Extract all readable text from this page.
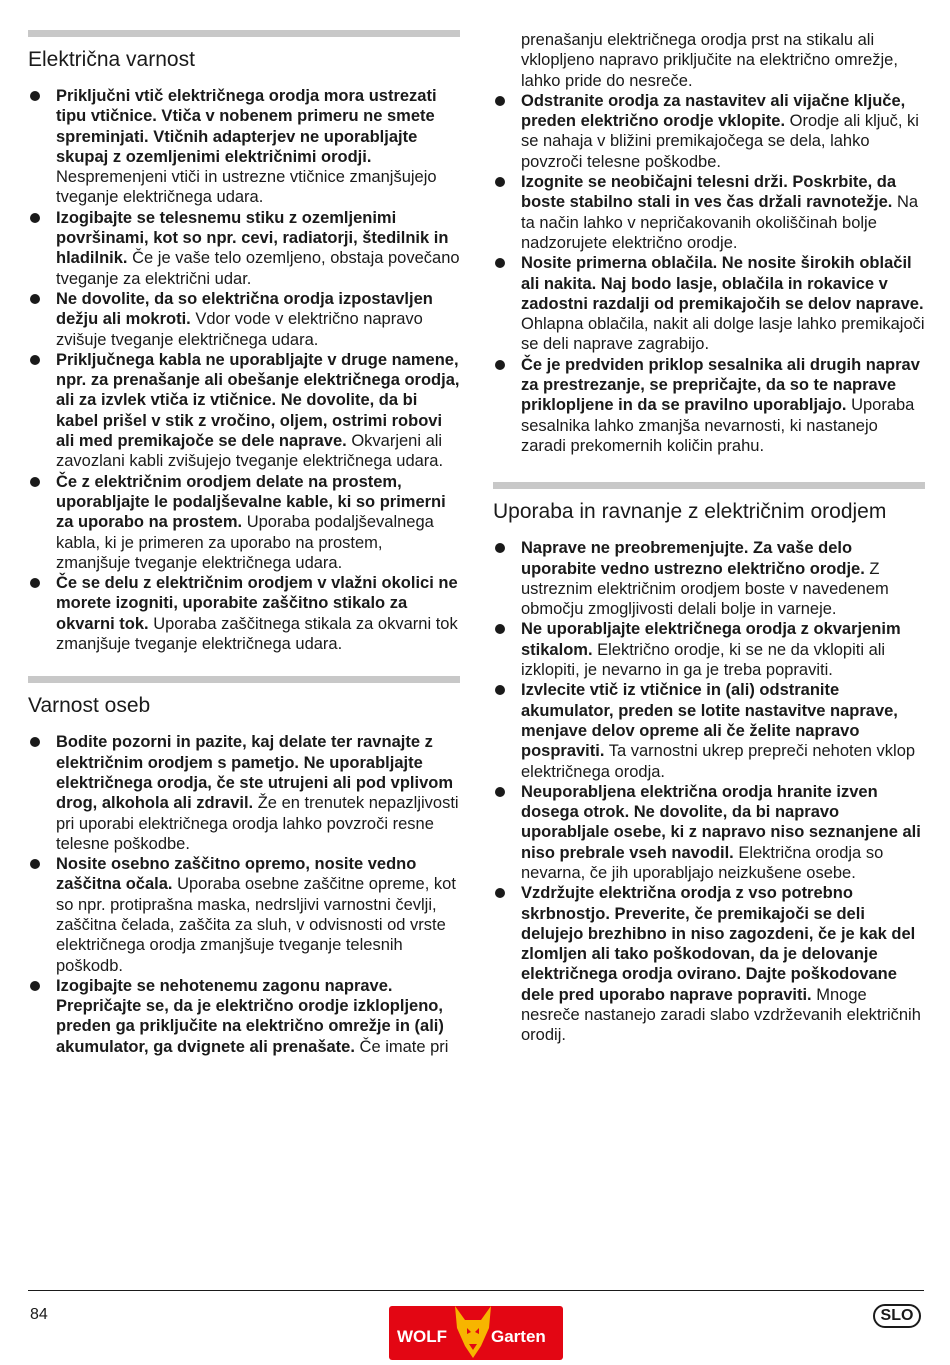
Električna varnost
Priključni vtič električnega orodja mora ustrezati tipu vtičnice. Vtiča v nobenem primeru ne smete spreminjati. Vtičnih adapterjev ne uporabljajte skupaj z ozemljenimi električnimi orodji. Nespremenjeni vtiči in ustrezne vtičnice zmanjšujejo tveganje električnega udara.
Izogibajte se telesnemu stiku z ozemljenimi površinami, kot so npr. cevi, radiatorji, štedilnik in hladilnik. Če je vaše telo ozemljeno, obstaja povečano tveganje za električni udar.
Ne dovolite, da so električna orodja izpostavljen dežju ali mokroti. Vdor vode v električno napravo zvišuje tveganje električnega udara.
Priključnega kabla ne uporabljajte v druge namene, npr. za prenašanje ali obešanje električnega orodja, ali za izvlek vtiča iz vtičnice. Ne dovolite, da bi kabel prišel v stik z vročino, oljem, ostrimi robovi ali med premikajoče se dele naprave. Okvarjeni ali zavozlani kabli zvišujejo tveganje električnega udara.
Če z električnim orodjem delate na prostem, uporabljajte le podaljševalne kable, ki so primerni za uporabo na prostem. Uporaba podaljševalnega kabla, ki je primeren za uporabo na prostem, zmanjšuje tveganje električnega udara.
Če se delu z električnim orodjem v vlažni okolici ne morete izogniti, uporabite zaščitno stikalo za okvarni tok. Uporaba zaščitnega stikala za okvarni tok zmanjšuje tveganje električnega udara.
Varnost oseb
Bodite pozorni in pazite, kaj delate ter ravnajte z električnim orodjem s pametjo. Ne uporabljajte električnega orodja, če ste utrujeni ali pod vplivom drog, alkohola ali zdravil. Že en trenutek nepazljivosti pri uporabi električnega orodja lahko povzroči resne telesne poškodbe.
Nosite osebno zaščitno opremo, nosite vedno zaščitna očala. Uporaba osebne zaščitne opreme, kot so npr. protiprašna maska, nedrsljivi varnostni čevlji, zaščitna čelada, zaščita za sluh, v odvisnosti od vrste električnega orodja zmanjšuje tveganje telesnih poškodb.
Izogibajte se nehotenemu zagonu naprave. Prepričajte se, da je električno orodje izklopljeno, preden ga priključite na električno omrežje in (ali) akumulator, ga dvignete ali prenašate. Če imate pri

prenašanju električnega orodja prst na stikalu ali vklopljeno napravo priključite na električno omrežje, lahko pride do nesreče.

Odstranite orodja za nastavitev ali vijačne ključe, preden električno orodje vklopite. Orodje ali ključ, ki se nahaja v bližini premikajočega se dela, lahko povzroči telesne poškodbe.
Izognite se neobičajni telesni drži. Poskrbite, da boste stabilno stali in ves čas držali ravnotežje. Na ta način lahko v nepričakovanih okoliščinah bolje nadzorujete električno orodje.
Nosite primerna oblačila. Ne nosite širokih oblačil ali nakita. Naj bodo lasje, oblačila in rokavice v zadostni razdalji od premikajočih se delov naprave. Ohlapna oblačila, nakit ali dolge lasje lahko premikajoči se deli naprave zagrabijo.
Če je predviden priklop sesalnika ali drugih naprav za prestrezanje, se prepričajte, da so te naprave priklopljene in da se pravilno uporabljajo. Uporaba sesalnika lahko zmanjša nevarnosti, ki nastanejo zaradi prekomernih količin prahu.
Uporaba in ravnanje z električnim orodjem
Naprave ne preobremenjujte. Za vaše delo uporabite vedno ustrezno električno orodje. Z ustreznim električnim orodjem boste v navedenem območju zmogljivosti delali bolje in varneje.
Ne uporabljajte električnega orodja z okvarjenim stikalom. Električno orodje, ki se ne da vklopiti ali izklopiti, je nevarno in ga je treba popraviti.
Izvlecite vtič iz vtičnice in (ali) odstranite akumulator, preden se lotite nastavitve naprave, menjave delov opreme ali če želite napravo pospraviti. Ta varnostni ukrep prepreči nehoten vklop električnega orodja.
Neuporabljena električna orodja hranite izven dosega otrok. Ne dovolite, da bi napravo uporabljale osebe, ki z napravo niso seznanjene ali niso prebrale vseh navodil. Električna orodja so nevarna, če jih uporabljajo neizkušene osebe.
Vzdržujte električna orodja z vso potrebno skrbnostjo. Preverite, če premikajoči se deli delujejo brezhibno in niso zagozdeni, če je kak del zlomljen ali tako poškodovan, da je delovanje električnega orodja ovirano. Dajte poškodovane dele pred uporabo naprave popraviti. Mnoge nesreče nastanejo zaradi slabo vzdrževanih električnih orodij.
84
WOLF	Garten
SLO
